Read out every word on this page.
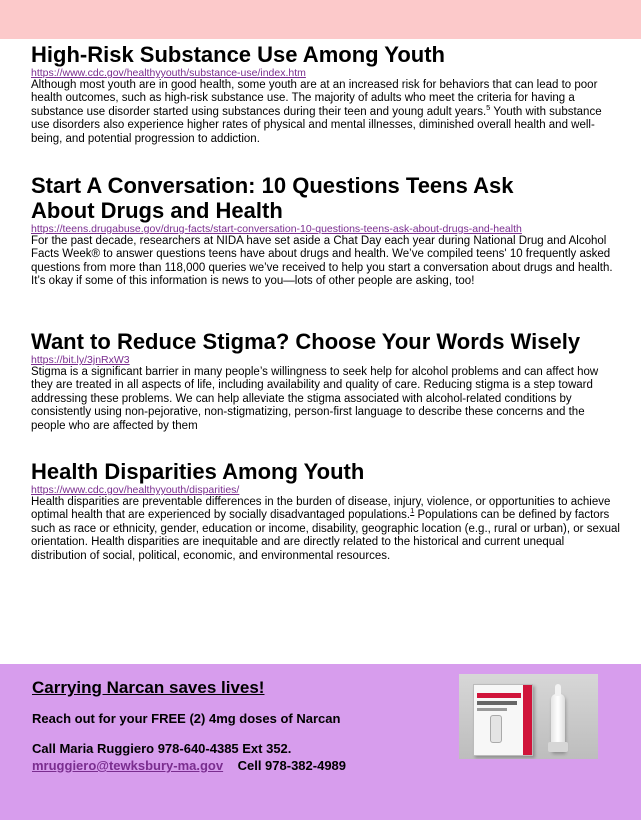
High-Risk Substance Use Among Youth
https://www.cdc.gov/healthyyouth/substance-use/index.htm

Although most youth are in good health, some youth are at an increased risk for behaviors that can lead to poor health outcomes, such as high-risk substance use. The majority of adults who meet the criteria for having a substance use disorder started using substances during their teen and young adult years.$^5$ Youth with substance use disorders also experience higher rates of physical and mental illnesses, diminished overall health and well-being, and potential progression to addiction.

Start A Conversation: 10 Questions Teens Ask About Drugs and Health
https://teens.drugabuse.gov/drug-facts/start-conversation-10-questions-teens-ask-about-drugs-and-health

For the past decade, researchers at NIDA have set aside a Chat Day each year during National Drug and Alcohol Facts Week® to answer questions teens have about drugs and health. We’ve compiled teens' 10 frequently asked questions from more than 118,000 queries we’ve received to help you start a conversation about drugs and health. It’s okay if some of this information is news to you—lots of other people are asking, too!

Want to Reduce Stigma? Choose Your Words Wisely
https://bit.ly/3jnRxW3

Stigma is a significant barrier in many people’s willingness to seek help for alcohol problems and can affect how they are treated in all aspects of life, including availability and quality of care. Reducing stigma is a step toward addressing these problems. We can help alleviate the stigma associated with alcohol-related conditions by consistently using non-pejorative, non-stigmatizing, person-first language to describe these concerns and the people who are affected by them

Health Disparities Among Youth
https://www.cdc.gov/healthyyouth/disparities/

Health disparities are preventable differences in the burden of disease, injury, violence, or opportunities to achieve optimal health that are experienced by socially disadvantaged populations.$^1$ Populations can be defined by factors such as race or ethnicity, gender, education or income, disability, geographic location (e.g., rural or urban), or sexual orientation. Health disparities are inequitable and are directly related to the historical and current unequal distribution of social, political, economic, and environmental resources.

Carrying Narcan saves lives!
Reach out for your FREE (2) 4mg doses of Narcan
Call Maria Ruggiero 978-640-4385 Ext 352.
mruggiero@tewksbury-ma.gov Cell 978-382-4989
